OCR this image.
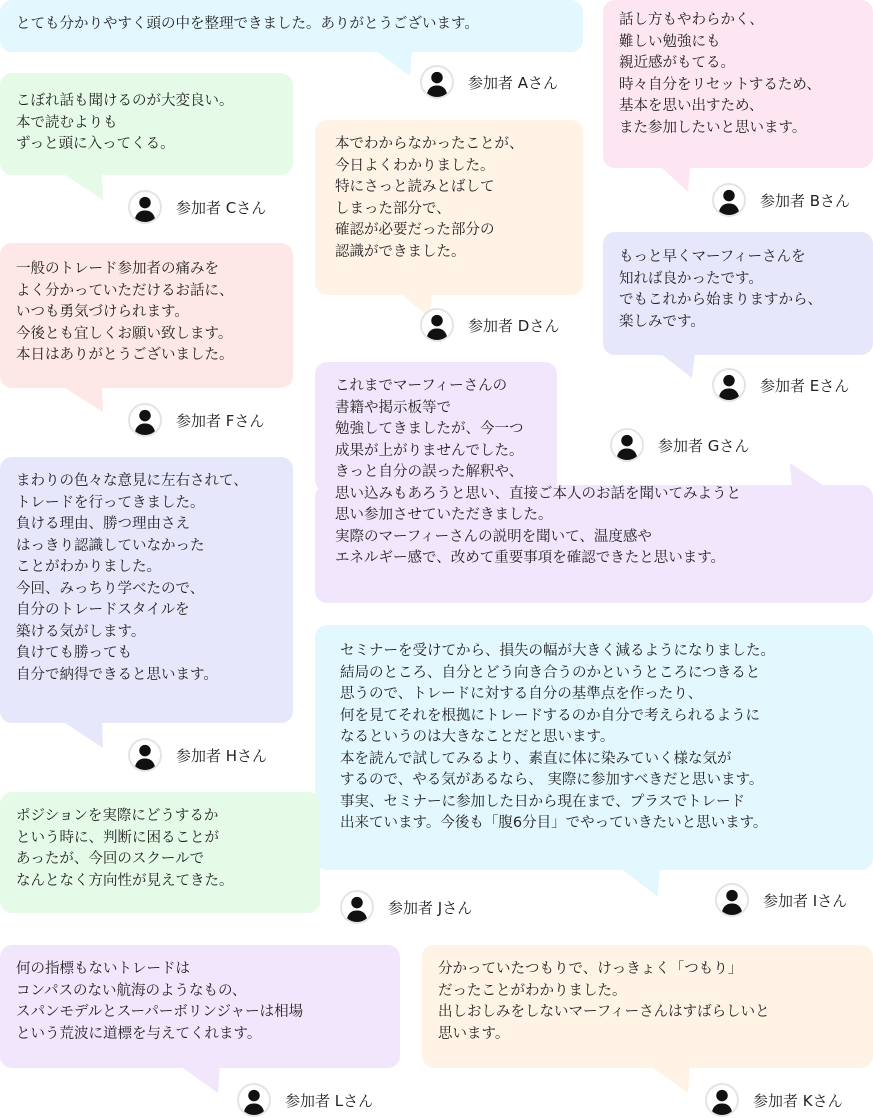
とても分かりやすく頭の中を整理できました。ありがとうございます。	話し方もやわらかく、
難しい勉強にも
親近感がもてる。
時々自分をリセットするため、
基本を思い出すため、
また参加したいと思います。
こぼれ話も聞けるのが大変良い。
本で読むよりも
ずっと頭に入ってくる。	本でわからなかったことが、
今日よくわかりました。
特にさっと読みとばして
しまった部分で、
確認が必要だった部分の
認識ができました。	もっと早くマーフィーさんを
知れば良かったです。
でもこれから始まりますから、
楽しみです。
一般のトレード参加者の痛みを
よく分かっていただけるお話に、
いつも勇気づけられます。
今後とも宜しくお願い致します。
本日はありがとうございました。
これまでマーフィーさんの
書籍や掲示板等で
勉強してきましたが、今一つ
成果が上がりませんでした。
きっと自分の誤った解釈や、
思い込みもあろうと思い、直接ご本人のお話を聞いてみようと
思い参加させていただきました。
実際のマーフィーさんの説明を聞いて、温度感や
エネルギー感で、改めて重要事項を確認できたと思います。
まわりの色々な意見に左右されて、
トレードを行ってきました。
負ける理由、勝つ理由さえ
はっきり認識していなかった
ことがわかりました。
今回、みっちり学べたので、
自分のトレードスタイルを
築ける気がします。
負けても勝っても
自分で納得できると思います。
セミナーを受けてから、損失の幅が大きく減るようになりました。
結局のところ、自分とどう向き合うのかというところにつきると
思うので、トレードに対する自分の基準点を作ったり、
何を見てそれを根拠にトレードするのか自分で考えられるように
なるというのは大きなことだと思います。
本を読んで試してみるより、素直に体に染みていく様な気が
するので、やる気があるなら、 実際に参加すべきだと思います。
事実、セミナーに参加した日から現在まで、プラスでトレード
出来ています。今後も「腹6分目」でやっていきたいと思います。
ポジションを実際にどうするか
という時に、判断に困ることが
あったが、今回のスクールで
なんとなく方向性が見えてきた。
分かっていたつもりで、けっきょく「つもり」
だったことがわかりました。
出しおしみをしないマーフィーさんはすばらしいと
思います。
何の指標もないトレードは
コンパスのない航海のようなもの、
スパンモデルとスーパーボリンジャーは相場
という荒波に道標を与えてくれます。
参加者 Aさん
参加者 Bさん
参加者 Cさん
参加者 Dさん
参加者 Eさん
参加者 Fさん
参加者 Gさん
参加者 Hさん
参加者 Iさん
参加者 Jさん
参加者 Kさん
参加者 Lさん
